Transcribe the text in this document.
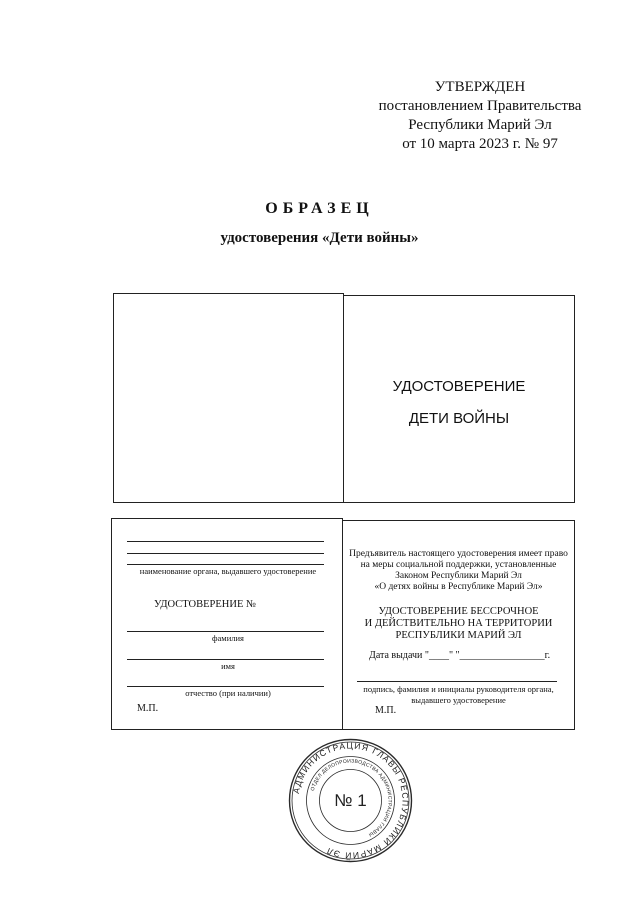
УТВЕРЖДЕН
постановлением Правительства
Республики Марий Эл
от 10 марта 2023 г. № 97
ОБРАЗЕЦ
удостоверения «Дети войны»
УДОСТОВЕРЕНИЕ
ДЕТИ ВОЙНЫ
наименование органа, выдавшего удостоверение
УДОСТОВЕРЕНИЕ №
фамилия
имя
отчество (при наличии)
М.П.
Предъявитель настоящего удостоверения имеет право
на меры социальной поддержки, установленные
Законом Республики Марий Эл
«О детях войны в Республике Марий Эл»
УДОСТОВЕРЕНИЕ БЕССРОЧНОЕ
И ДЕЙСТВИТЕЛЬНО НА ТЕРРИТОРИИ
РЕСПУБЛИКИ МАРИЙ ЭЛ
Дата выдачи "____" "_________________г.
подпись, фамилия и инициалы руководителя органа,
выдавшего удостоверение
М.П.
АДМИНИСТРАЦИЯ ГЛАВЫ РЕСПУБЛИКИ МАРИЙ ЭЛ
ОТДЕЛ ДЕЛОПРОИЗВОДСТВА АДМИНИСТРАЦИИ ГЛАВЫ
№ 1
